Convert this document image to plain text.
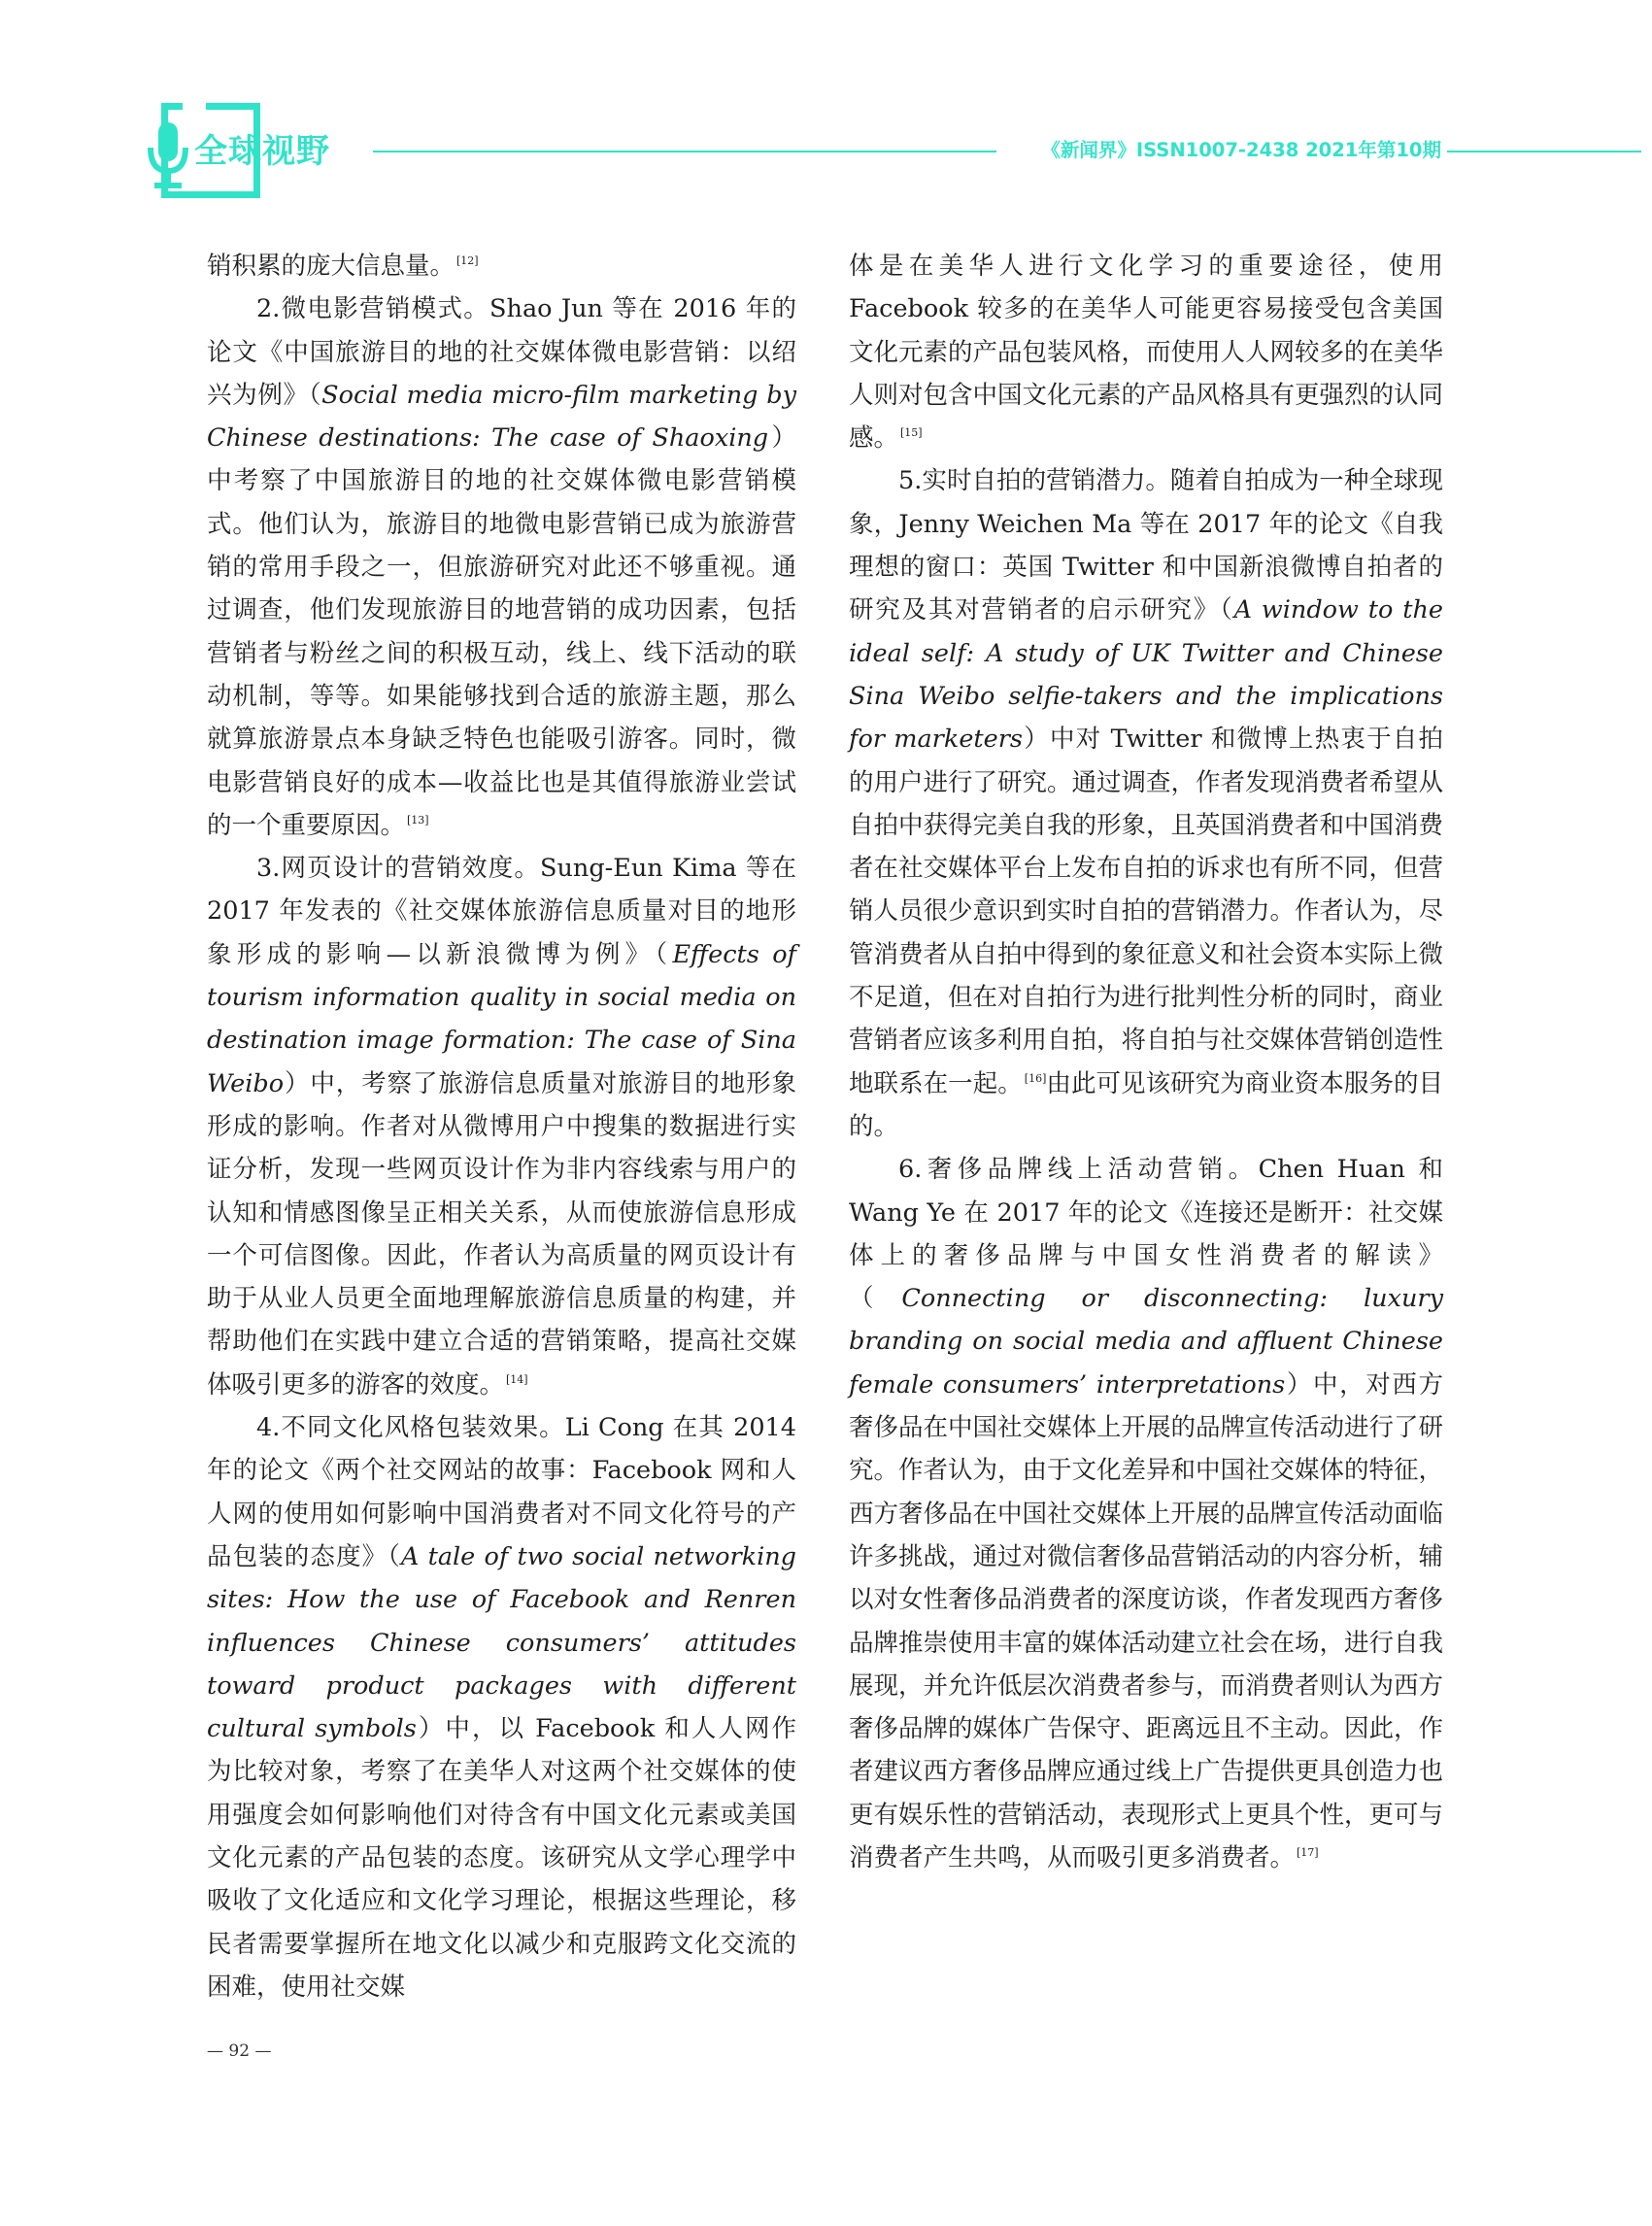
全球视野	《新闻界》ISSN1007-2438 2021年第10期

销积累的庞大信息量。 [12]

2.微电影营销模式。Shao Jun 等在 2016 年的论文《中国旅游目的地的社交媒体微电影营销：以绍兴为例》（Social media micro-film marketing by Chinese destinations: The case of Shaoxing）中考察了中国旅游目的地的社交媒体微电影营销模式。他们认为，旅游目的地微电影营销已成为旅游营销的常用手段之一，但旅游研究对此还不够重视。通过调查，他们发现旅游目的地营销的成功因素，包括营销者与粉丝之间的积极互动，线上、线下活动的联动机制，等等。如果能够找到合适的旅游主题，那么就算旅游景点本身缺乏特色也能吸引游客。同时，微电影营销良好的成本—收益比也是其值得旅游业尝试的一个重要原因。 [13]

3.网页设计的营销效度。Sung-Eun Kima 等在 2017 年发表的《社交媒体旅游信息质量对目的地形象形成的影响—以新浪微博为例》（Effects of tourism information quality in social media on destination image formation: The case of Sina Weibo）中，考察了旅游信息质量对旅游目的地形象形成的影响。作者对从微博用户中搜集的数据进行实证分析，发现一些网页设计作为非内容线索与用户的认知和情感图像呈正相关关系，从而使旅游信息形成一个可信图像。因此，作者认为高质量的网页设计有助于从业人员更全面地理解旅游信息质量的构建，并帮助他们在实践中建立合适的营销策略，提高社交媒体吸引更多的游客的效度。 [14]

4.不同文化风格包装效果。Li Cong 在其 2014 年的论文《两个社交网站的故事：Facebook 网和人人网的使用如何影响中国消费者对不同文化符号的产品包装的态度》（A tale of two social networking sites: How the use of Facebook and Renren influences Chinese consumers’ attitudes toward product packages with different cultural symbols）中，以 Facebook 和人人网作为比较对象，考察了在美华人对这两个社交媒体的使用强度会如何影响他们对待含有中国文化元素或美国文化元素的产品包装的态度。该研究从文学心理学中吸收了文化适应和文化学习理论，根据这些理论，移民者需要掌握所在地文化以减少和克服跨文化交流的困难，使用社交媒

体是在美华人进行文化学习的重要途径，使用 Facebook 较多的在美华人可能更容易接受包含美国文化元素的产品包装风格，而使用人人网较多的在美华人则对包含中国文化元素的产品风格具有更强烈的认同感。 [15]

5.实时自拍的营销潜力。随着自拍成为一种全球现象，Jenny Weichen Ma 等在 2017 年的论文《自我理想的窗口：英国 Twitter 和中国新浪微博自拍者的研究及其对营销者的启示研究》（A window to the ideal self: A study of UK Twitter and Chinese Sina Weibo selfie-takers and the implications for marketers）中对 Twitter 和微博上热衷于自拍的用户进行了研究。通过调查，作者发现消费者希望从自拍中获得完美自我的形象，且英国消费者和中国消费者在社交媒体平台上发布自拍的诉求也有所不同，但营销人员很少意识到实时自拍的营销潜力。作者认为，尽管消费者从自拍中得到的象征意义和社会资本实际上微不足道，但在对自拍行为进行批判性分析的同时，商业营销者应该多利用自拍，将自拍与社交媒体营销创造性地联系在一起。 [16]由此可见该研究为商业资本服务的目的。

6.奢侈品牌线上活动营销。Chen Huan 和 Wang Ye 在 2017 年的论文《连接还是断开：社交媒体上的奢侈品牌与中国女性消费者的解读》（Connecting or disconnecting: luxury branding on social media and affluent Chinese female consumers’ interpretations）中，对西方奢侈品在中国社交媒体上开展的品牌宣传活动进行了研究。作者认为，由于文化差异和中国社交媒体的特征，西方奢侈品在中国社交媒体上开展的品牌宣传活动面临许多挑战，通过对微信奢侈品营销活动的内容分析，辅以对女性奢侈品消费者的深度访谈，作者发现西方奢侈品牌推崇使用丰富的媒体活动建立社会在场，进行自我展现，并允许低层次消费者参与，而消费者则认为西方奢侈品牌的媒体广告保守、距离远且不主动。因此，作者建议西方奢侈品牌应通过线上广告提供更具创造力也更有娱乐性的营销活动，表现形式上更具个性，更可与消费者产生共鸣，从而吸引更多消费者。 [17]

— 92 —
